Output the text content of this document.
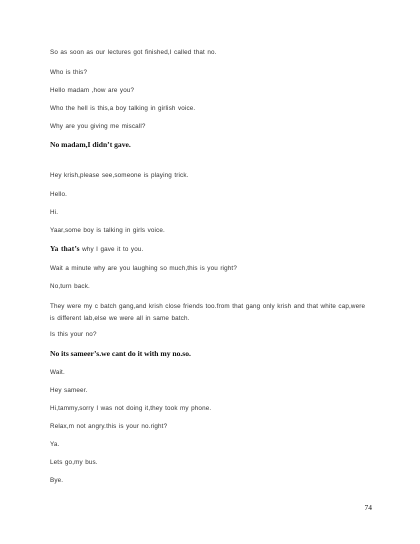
So as soon as our lectures got finished,I called that no.

Who is this?

Hello madam ,how are you?

Who the hell is this,a boy talking in girlish voice.

Why are you giving me miscall?

No madam,I didn’t gave.

Hey krish,please see,someone is playing trick.

Hello.

Hi.

Yaar,some boy is talking in girls voice.

Ya that’s why I gave it to you.

Wait a minute why are you laughing so much,this is you right?

No,turn back.

They were my c batch gang,and krish close friends too.from that gang only krish and that white cap,were is different lab,else we were all in same batch.

Is this your no?

No its sameer’s.we cant do it with my no.so.

Wait.

Hey sameer.

Hi,tammy,sorry I was not doing it,they took my phone.

Relax,m not angry.this is your no.right?

Ya.

Lets go,my bus.

Bye.

74
